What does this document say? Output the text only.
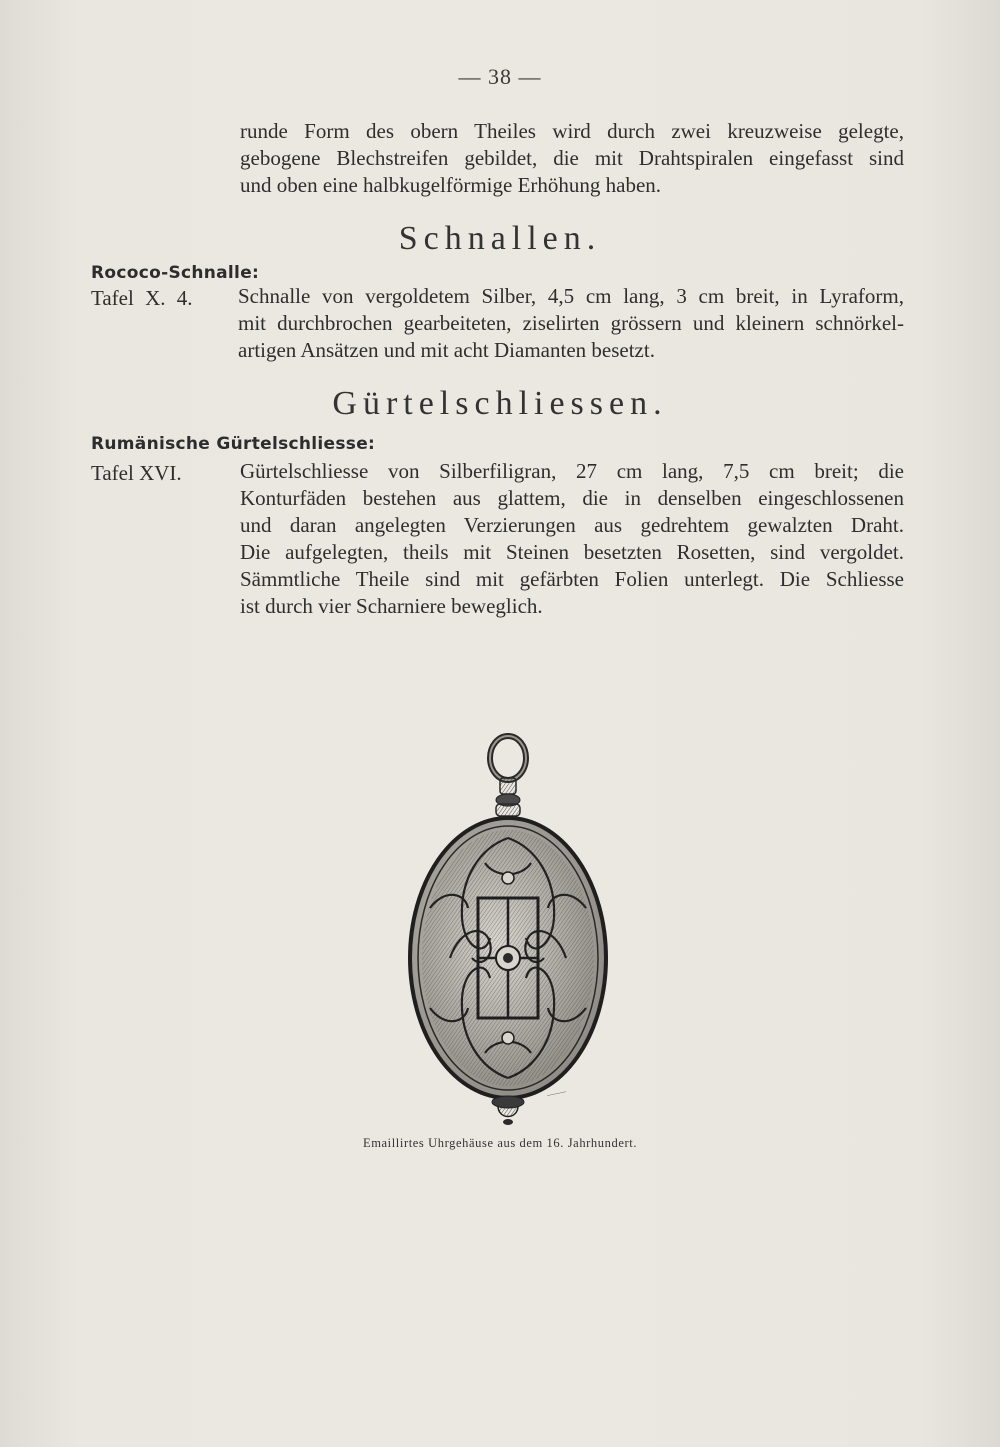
— 38 —
runde Form des obern Theiles wird durch zwei kreuzweise gelegte,
gebogene Blechstreifen gebildet, die mit Drahtspiralen eingefasst sind
und oben eine halbkugelförmige Erhöhung haben.
Schnallen.
Rococo-Schnalle:
Tafel X. 4. Schnalle von vergoldetem Silber, 4,5 cm lang, 3 cm breit, in Lyraform,
mit durchbrochen gearbeiteten, ziselirten grössern und kleinern schnörkel-
artigen Ansätzen und mit acht Diamanten besetzt.
Gürtelschliessen.
Rumänische Gürtelschliesse:
Tafel XVI.	Gürtelschliesse von Silberfiligran, 27 cm lang, 7,5 cm breit; die
Konturfäden bestehen aus glattem, die in denselben eingeschlossenen
und daran angelegten Verzierungen aus gedrehtem gewalzten Draht.
Die aufgelegten, theils mit Steinen besetzten Rosetten, sind vergoldet.
Sämmtliche Theile sind mit gefärbten Folien unterlegt. Die Schliesse
ist durch vier Scharniere beweglich.
⸻
Emaillirtes Uhrgehäuse aus dem 16. Jahrhundert.
